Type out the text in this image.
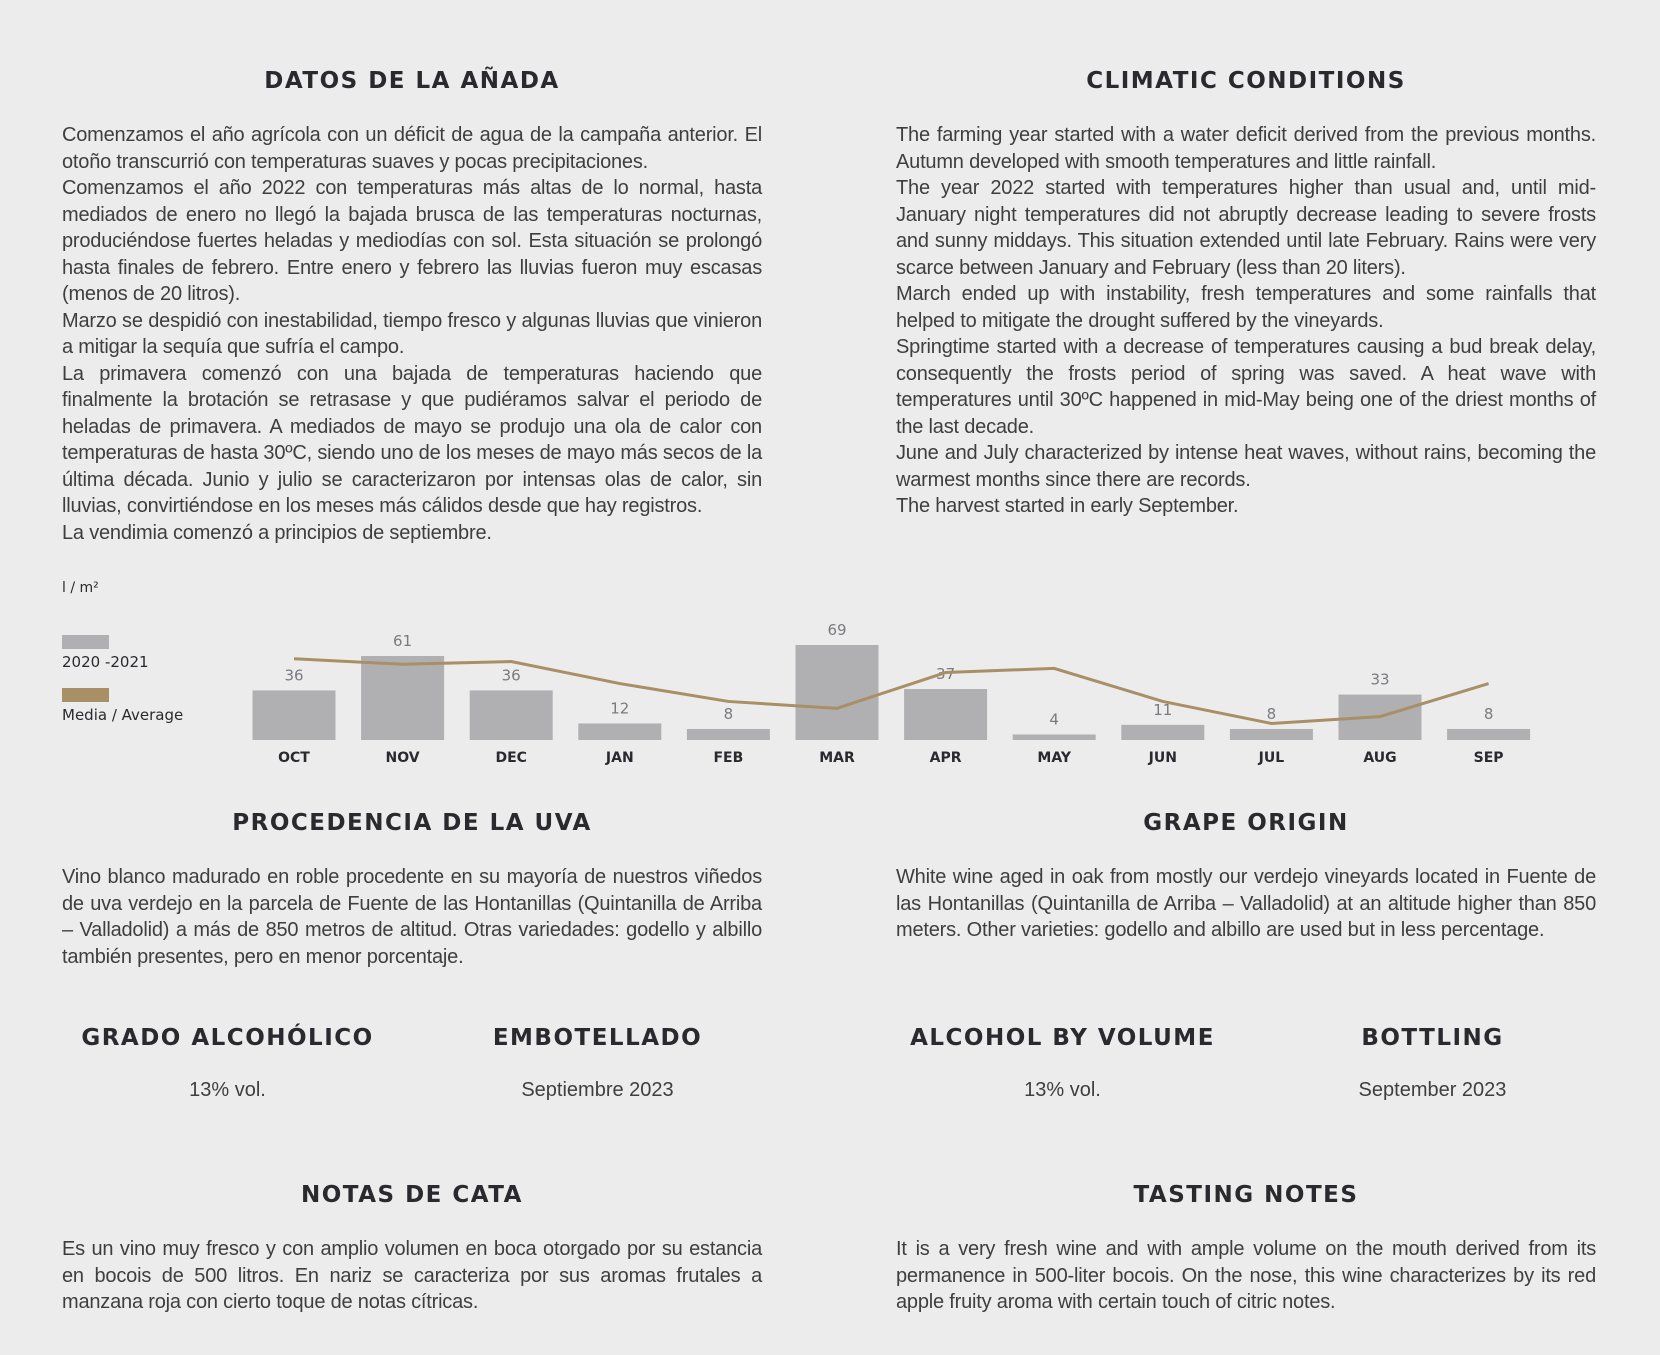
DATOS DE LA AÑADA

Comenzamos el año agrícola con un déficit de agua de la campaña anterior. El otoño transcurrió con temperaturas suaves y pocas precipitaciones.
Comenzamos el año 2022 con temperaturas más altas de lo normal, hasta mediados de enero no llegó la bajada brusca de las temperaturas nocturnas, produciéndose fuertes heladas y mediodías con sol. Esta situación se prolongó hasta finales de febrero. Entre enero y febrero las lluvias fueron muy escasas (menos de 20 litros).
Marzo se despidió con inestabilidad, tiempo fresco y algunas lluvias que vinieron a mitigar la sequía que sufría el campo.
La primavera comenzó con una bajada de temperaturas haciendo que finalmente la brotación se retrasase y que pudiéramos salvar el periodo de heladas de primavera. A mediados de mayo se produjo una ola de calor con temperaturas de hasta 30ºC, siendo uno de los meses de mayo más secos de la última década. Junio y julio se caracterizaron por intensas olas de calor, sin lluvias, convirtiéndose en los meses más cálidos desde que hay registros.
La vendimia comenzó a principios de septiembre.

CLIMATIC CONDITIONS

The farming year started with a water deficit derived from the previous months. Autumn developed with smooth temperatures and little rainfall.
The year 2022 started with temperatures higher than usual and, until mid-January night temperatures did not abruptly decrease leading to severe frosts and sunny middays. This situation extended until late February. Rains were very scarce between January and February (less than 20 liters).
March ended up with instability, fresh temperatures and some rainfalls that helped to mitigate the drought suffered by the vineyards.
Springtime started with a decrease of temperatures causing a bud break delay, consequently the frosts period of spring was saved. A heat wave with temperatures until 30ºC happened in mid-May being one of the driest months of the last decade.
June and July characterized by intense heat waves, without rains, becoming the warmest months since there are records.
The harvest started in early September.

l / m²
2020 -2021
Media / Average
36
OCT
61
NOV
36
DEC
12
JAN
8
FEB
69
MAR
37
APR
4
MAY
11
JUN
8
JUL
33
AUG
8
SEP
PROCEDENCIA DE LA UVA

Vino blanco madurado en roble procedente en su mayoría de nuestros viñedos de uva verdejo en la parcela de Fuente de las Hontanillas (Quintanilla de Arriba – Valladolid) a más de 850 metros de altitud. Otras variedades: godello y albillo también presentes, pero en menor porcentaje.

GRAPE ORIGIN

White wine aged in oak from mostly our verdejo vineyards located in Fuente de las Hontanillas (Quintanilla de Arriba – Valladolid) at an altitude higher than 850 meters. Other varieties: godello and albillo are used but in less percentage.

GRADO ALCOHÓLICO
13% vol.
EMBOTELLADO
Septiembre 2023
ALCOHOL BY VOLUME
13% vol.
BOTTLING
September 2023
NOTAS DE CATA

Es un vino muy fresco y con amplio volumen en boca otorgado por su estancia en bocois de 500 litros. En nariz se caracteriza por sus aromas frutales a manzana roja con cierto toque de notas cítricas.

TASTING NOTES

It is a very fresh wine and with ample volume on the mouth derived from its permanence in 500-liter bocois. On the nose, this wine characterizes by its red apple fruity aroma with certain touch of citric notes.
